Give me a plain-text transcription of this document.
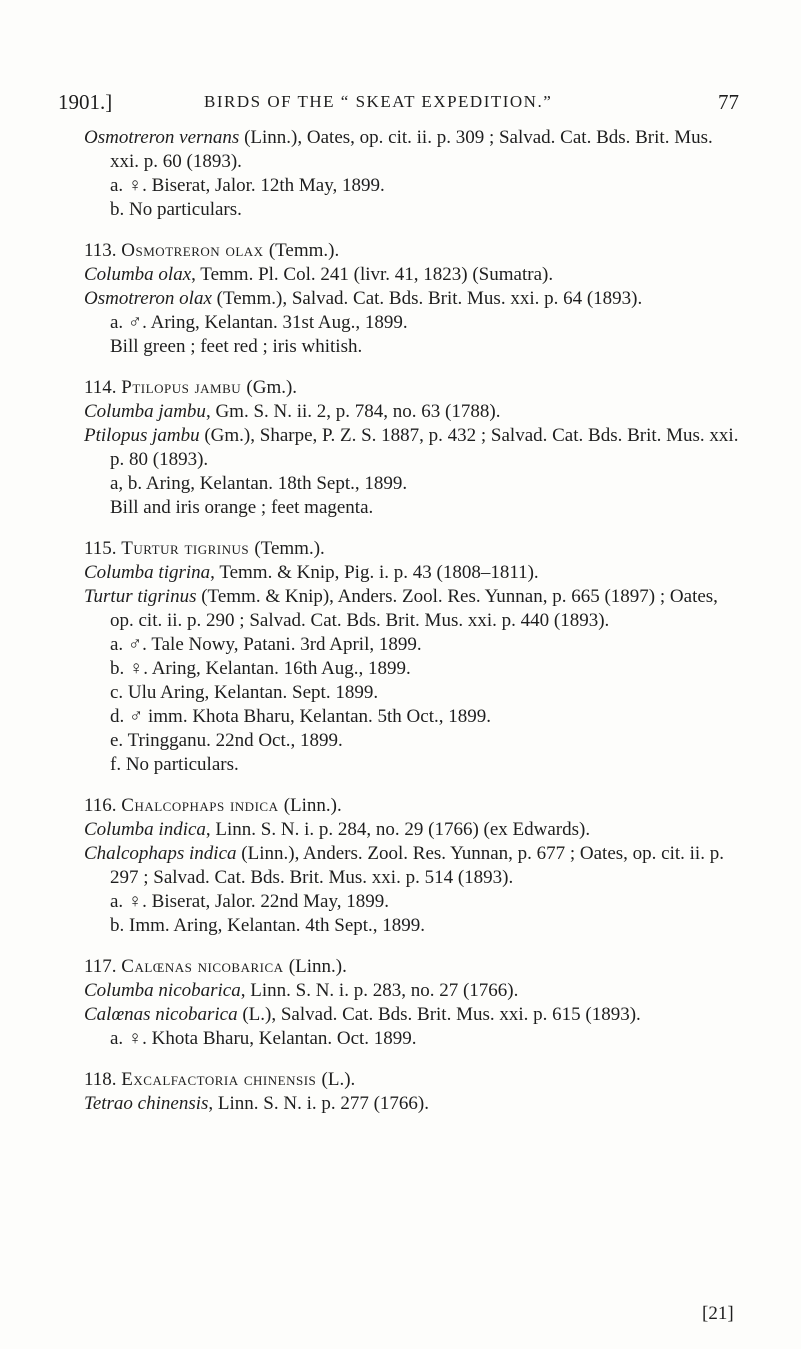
1901.]	BIRDS OF THE “ SKEAT EXPEDITION.”	77

Osmotreron vernans (Linn.), Oates, op. cit. ii. p. 309 ; Salvad. Cat. Bds. Brit. Mus. xxi. p. 60 (1893).

a. ♀. Biserat, Jalor. 12th May, 1899.

b. No particulars.

113. Osmotreron olax (Temm.).

Columba olax, Temm. Pl. Col. 241 (livr. 41, 1823) (Sumatra).

Osmotreron olax (Temm.), Salvad. Cat. Bds. Brit. Mus. xxi. p. 64 (1893).

a. ♂. Aring, Kelantan. 31st Aug., 1899.

Bill green ; feet red ; iris whitish.

114. Ptilopus jambu (Gm.).

Columba jambu, Gm. S. N. ii. 2, p. 784, no. 63 (1788).

Ptilopus jambu (Gm.), Sharpe, P. Z. S. 1887, p. 432 ; Salvad. Cat. Bds. Brit. Mus. xxi. p. 80 (1893).

a, b. Aring, Kelantan. 18th Sept., 1899.

Bill and iris orange ; feet magenta.

115. Turtur tigrinus (Temm.).

Columba tigrina, Temm. & Knip, Pig. i. p. 43 (1808–1811).

Turtur tigrinus (Temm. & Knip), Anders. Zool. Res. Yunnan, p. 665 (1897) ; Oates, op. cit. ii. p. 290 ; Salvad. Cat. Bds. Brit. Mus. xxi. p. 440 (1893).

a. ♂. Tale Nowy, Patani. 3rd April, 1899.

b. ♀. Aring, Kelantan. 16th Aug., 1899.

c. Ulu Aring, Kelantan. Sept. 1899.

d. ♂ imm. Khota Bharu, Kelantan. 5th Oct., 1899.

e. Tringganu. 22nd Oct., 1899.

f. No particulars.

116. Chalcophaps indica (Linn.).

Columba indica, Linn. S. N. i. p. 284, no. 29 (1766) (ex Edwards).

Chalcophaps indica (Linn.), Anders. Zool. Res. Yunnan, p. 677 ; Oates, op. cit. ii. p. 297 ; Salvad. Cat. Bds. Brit. Mus. xxi. p. 514 (1893).

a. ♀. Biserat, Jalor. 22nd May, 1899.

b. Imm. Aring, Kelantan. 4th Sept., 1899.

117. Calœnas nicobarica (Linn.).

Columba nicobarica, Linn. S. N. i. p. 283, no. 27 (1766).

Calœnas nicobarica (L.), Salvad. Cat. Bds. Brit. Mus. xxi. p. 615 (1893).

a. ♀. Khota Bharu, Kelantan. Oct. 1899.

118. Excalfactoria chinensis (L.).

Tetrao chinensis, Linn. S. N. i. p. 277 (1766).

[21]
